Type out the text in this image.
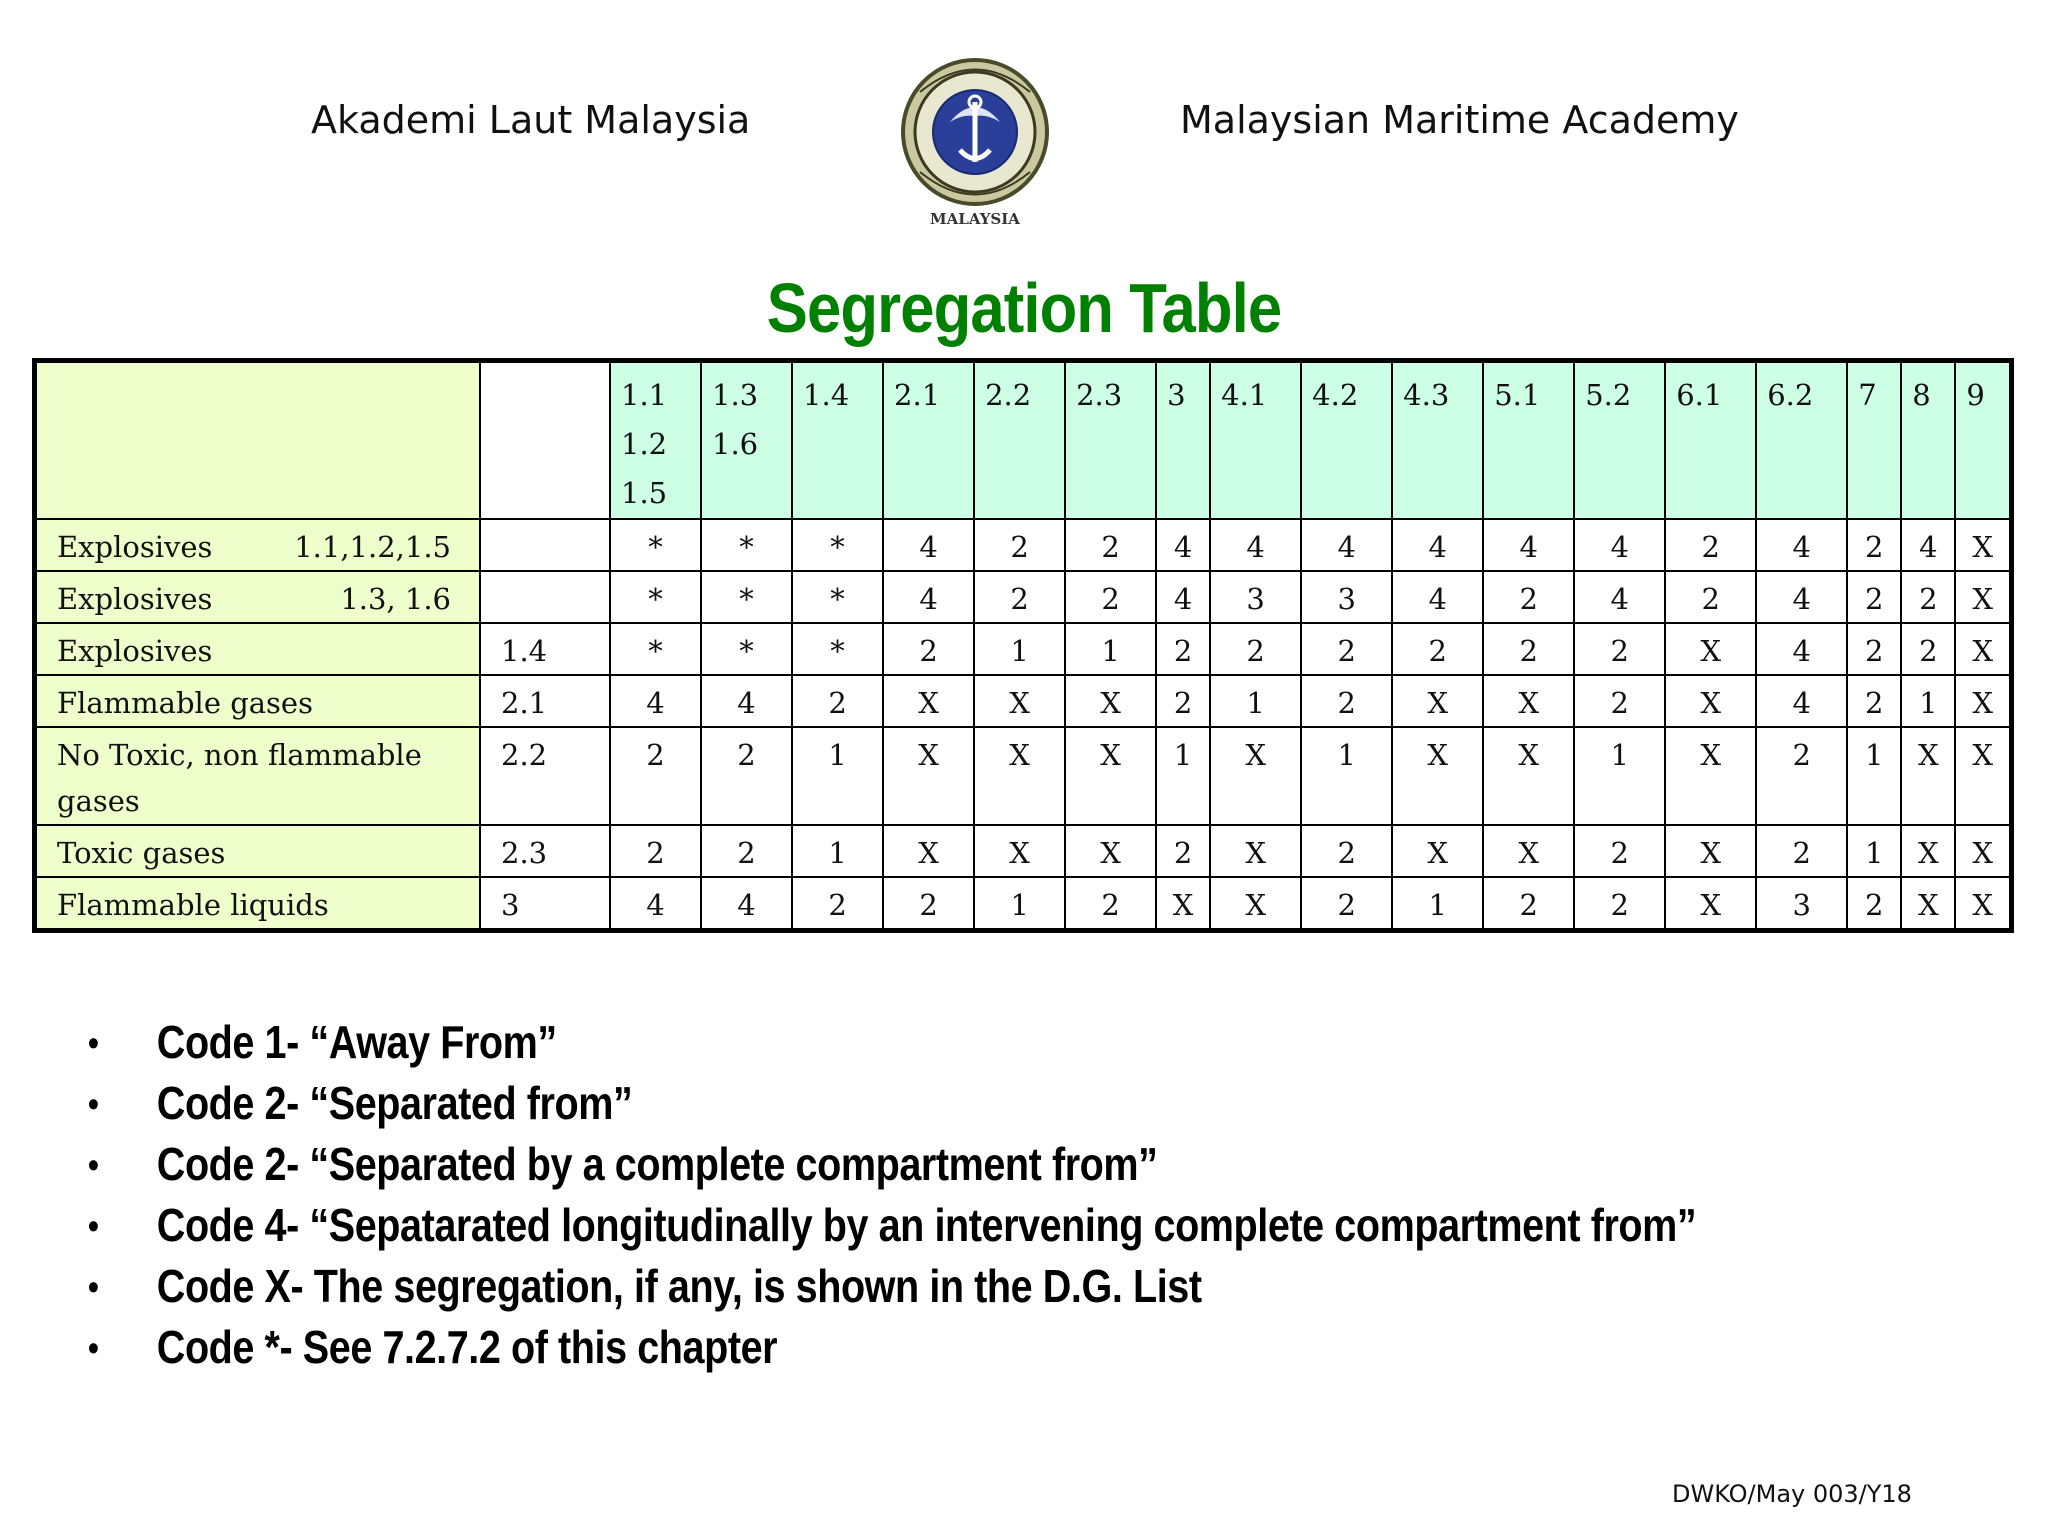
Akademi Laut Malaysia
MALAYSIA
Malaysian Maritime Academy
Segregation Table

		1.1
1.2
1.5	1.3
1.6	1.4	2.1	2.2	2.3	3	4.1	4.2	4.3	5.1	5.2	6.1	6.2	7	8	9

Explosives 1.1,1.2,1.5		*	*	*	4	2	2	4	4	4	4	4	4	2	4	2	4	X

Explosives 1.3, 1.6		*	*	*	4	2	2	4	3	3	4	2	4	2	4	2	2	X

Explosives	1.4	*	*	*	2	1	1	2	2	2	2	2	2	X	4	2	2	X

Flammable gases	2.1	4	4	2	X	X	X	2	1	2	X	X	2	X	4	2	1	X

No Toxic, non flammable gases	2.2	2	2	1	X	X	X	1	X	1	X	X	1	X	2	1	X	X

Toxic gases	2.3	2	2	1	X	X	X	2	X	2	X	X	2	X	2	1	X	X

Flammable liquids	3	4	4	2	2	1	2	X	X	2	1	2	2	X	3	2	X	X
•	Code 1- “Away From”
•	Code 2- “Separated from”
•	Code 2- “Separated by a complete compartment from”
•	Code 4- “Sepatarated longitudinally by an intervening complete compartment from”
•	Code X- The segregation, if any, is shown in the D.G. List
•	Code *- See 7.2.7.2 of this chapter
DWKO/May 003/Y18
